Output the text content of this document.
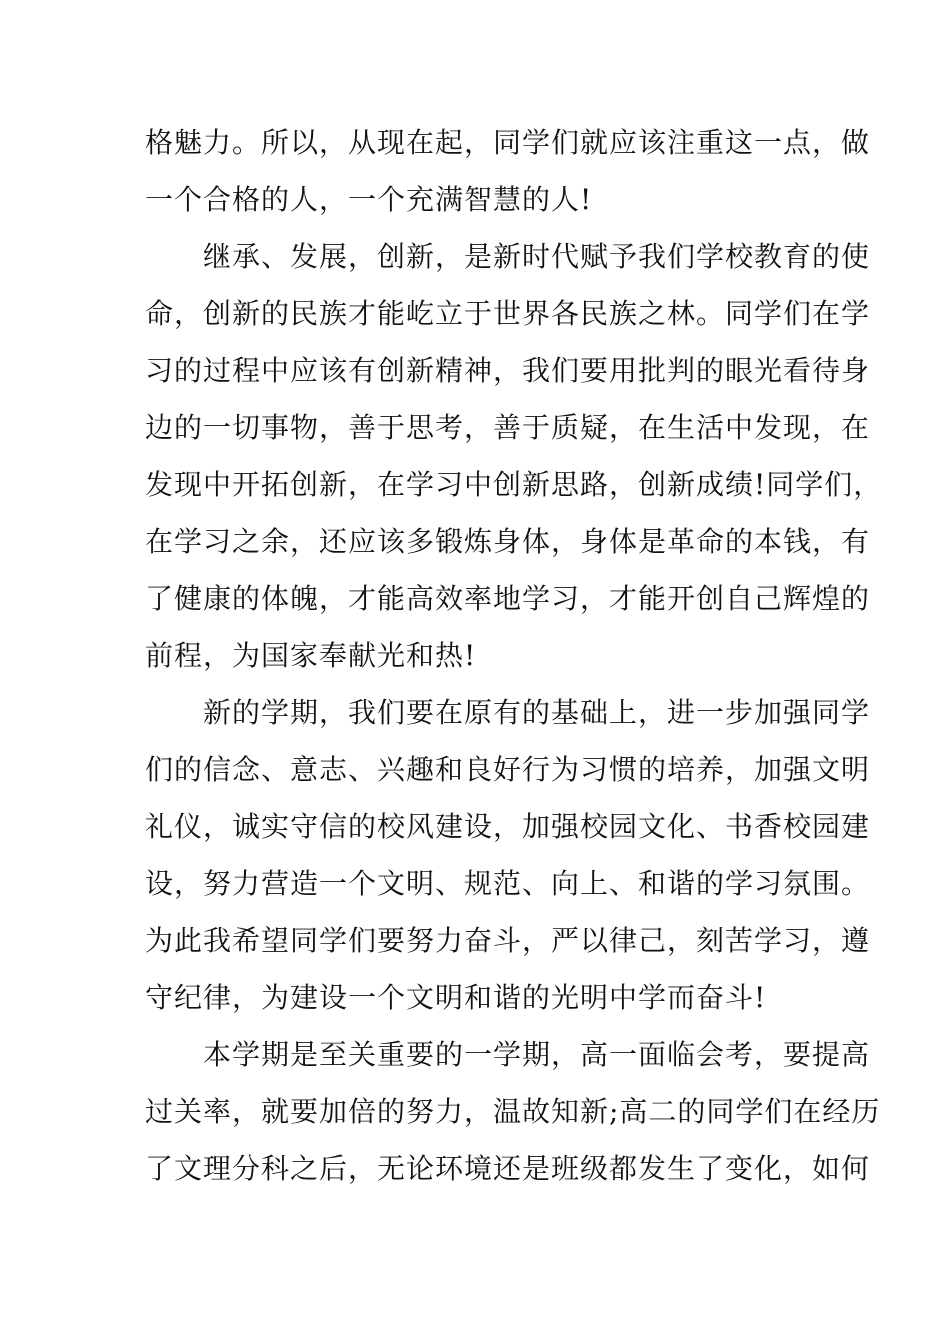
格魅力。所以，从现在起，同学们就应该注重这一点，做
一个合格的人，一个充满智慧的人!
继承、发展，创新，是新时代赋予我们学校教育的使
命，创新的民族才能屹立于世界各民族之林。同学们在学
习的过程中应该有创新精神，我们要用批判的眼光看待身
边的一切事物，善于思考，善于质疑，在生活中发现，在
发现中开拓创新，在学习中创新思路，创新成绩!同学们，
在学习之余，还应该多锻炼身体，身体是革命的本钱，有
了健康的体魄，才能高效率地学习，才能开创自己辉煌的
前程，为国家奉献光和热!
新的学期，我们要在原有的基础上，进一步加强同学
们的信念、意志、兴趣和良好行为习惯的培养，加强文明
礼仪，诚实守信的校风建设，加强校园文化、书香校园建
设，努力营造一个文明、规范、向上、和谐的学习氛围。
为此我希望同学们要努力奋斗，严以律己，刻苦学习，遵
守纪律，为建设一个文明和谐的光明中学而奋斗!
本学期是至关重要的一学期，高一面临会考，要提高
过关率，就要加倍的努力，温故知新;高二的同学们在经历
了文理分科之后，无论环境还是班级都发生了变化，如何
